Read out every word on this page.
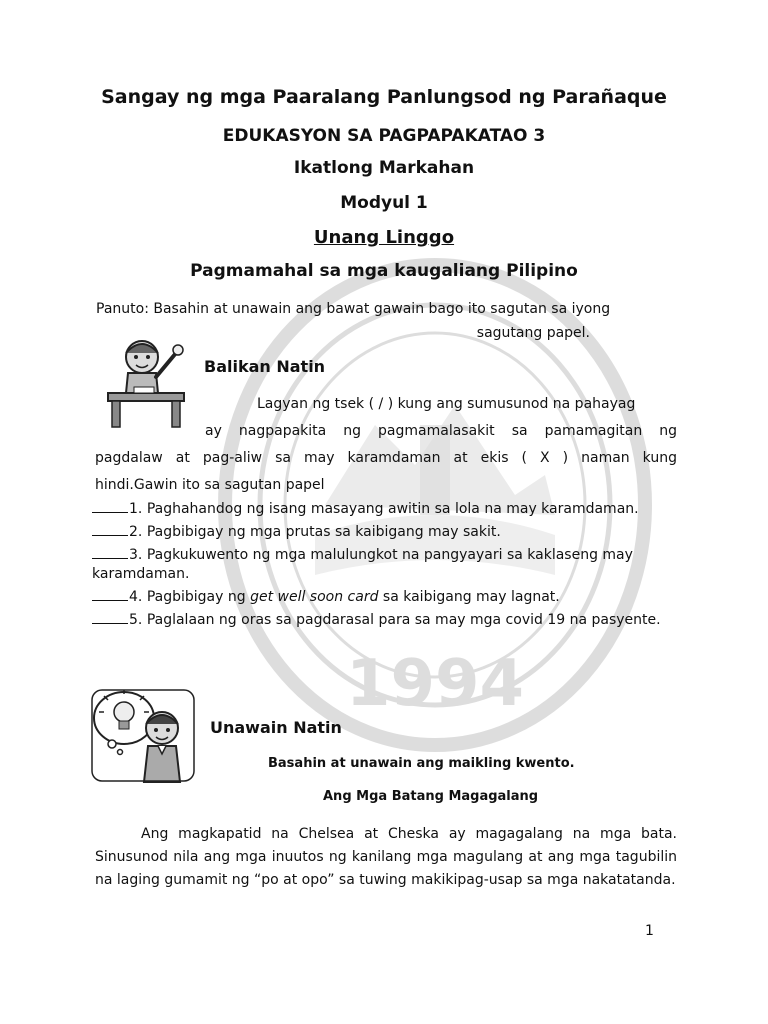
1994
Sangay ng mga Paaralang Panlungsod ng Parañaque
EDUKASYON SA PAGPAPAKATAO 3
Ikatlong Markahan
Modyul 1
Unang Linggo
Pagmamahal sa mga kaugaliang Pilipino
Panuto: Basahin at unawain ang bawat gawain bago ito sagutan sa iyong
sagutang papel.
Balikan Natin
Lagyan ng tsek ( / ) kung ang sumusunod na pahayag
ay nagpapakita ng pagmamalasakit sa pamamagitan ng
pagdalaw at pag-aliw sa may karamdaman at ekis ( X ) naman kung
hindi.Gawin ito sa sagutan papel
1. Paghahandog ng isang masayang awitin sa lola na may karamdaman.
2. Pagbibigay ng mga prutas sa kaibigang may sakit.
3. Pagkukuwento ng mga malulungkot na pangyayari sa kaklaseng may karamdaman.
4. Pagbibigay ng get well soon card sa kaibigang may lagnat.
5. Paglalaan ng oras sa pagdarasal para sa may mga covid 19 na pasyente.
Unawain Natin
Basahin at unawain ang maikling kwento.
Ang Mga Batang Magagalang
Ang magkapatid na Chelsea at Cheska ay magagalang na mga bata. Sinusunod nila ang mga inuutos ng kanilang mga magulang at ang mga tagubilin na laging gumamit ng “po at opo” sa tuwing makikipag-usap sa mga nakatatanda.
1
